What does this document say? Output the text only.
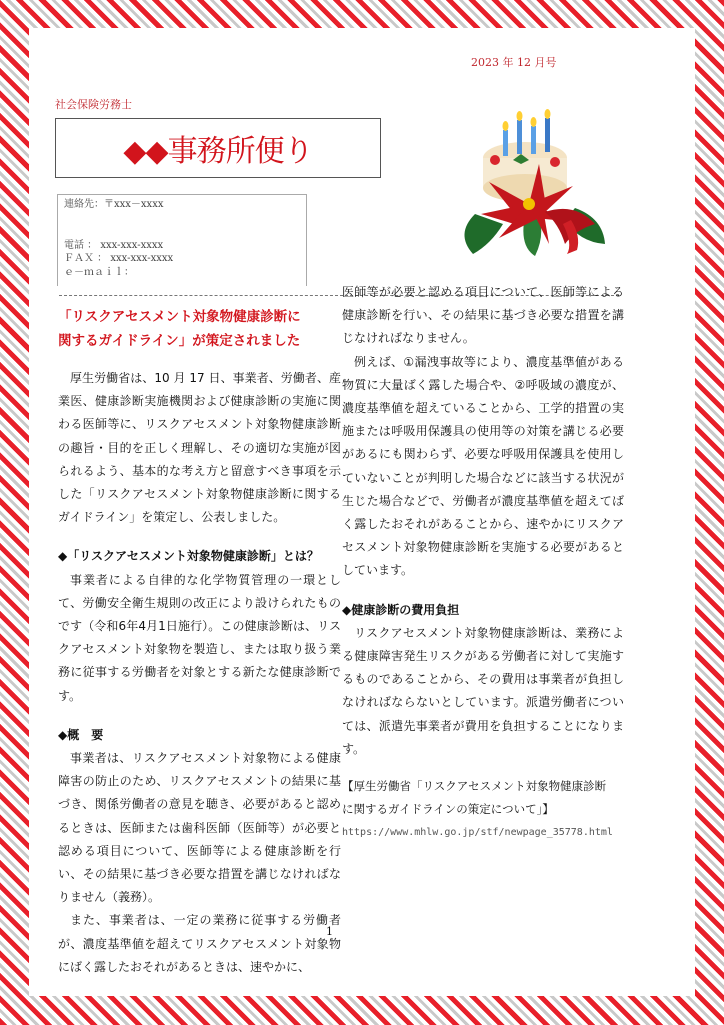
2023 年 12 月号
社会保険労務士
◆◆事務所便り
連絡先：〒xxx－xxxx
電話 ： xxx-xxx-xxxx
ＦＡＸ ： xxx-xxx-xxxx
ｅ－ｍａｉｌ：
「リスクアセスメント対象物健康診断に
関するガイドライン」が策定されました
厚生労働省は、10 月 17 日、事業者、労働者、産業医、健康診断実施機関および健康診断の実施に関わる医師等に、リスクアセスメント対象物健康診断の趣旨・目的を正しく理解し、その適切な実施が図られるよう、基本的な考え方と留意すべき事項を示した「リスクアセスメント対象物健康診断に関するガイドライン」を策定し、公表しました。
◆「リスクアセスメント対象物健康診断」とは？
事業者による自律的な化学物質管理の一環として、労働安全衛生規則の改正により設けられたものです（令和6年4月1日施行）。この健康診断は、リスクアセスメント対象物を製造し、または取り扱う業務に従事する労働者を対象とする新たな健康診断です。
◆概　要
事業者は、リスクアセスメント対象物による健康障害の防止のため、リスクアセスメントの結果に基づき、関係労働者の意見を聴き、必要があると認めるときは、医師または歯科医師（医師等）が必要と認める項目について、医師等による健康診断を行い、その結果に基づき必要な措置を講じなければなりません（義務）。
また、事業者は、一定の業務に従事する労働者が、濃度基準値を超えてリスクアセスメント対象物にばく露したおそれがあるときは、速やかに、
医師等が必要と認める項目について、医師等による健康診断を行い、その結果に基づき必要な措置を講じなければなりません。
例えば、①漏洩事故等により、濃度基準値がある物質に大量ばく露した場合や、②呼吸域の濃度が、濃度基準値を超えていることから、工学的措置の実施または呼吸用保護具の使用等の対策を講じる必要があるにも関わらず、必要な呼吸用保護具を使用していないことが判明した場合などに該当する状況が生じた場合などで、労働者が濃度基準値を超えてばく露したおそれがあることから、速やかにリスクアセスメント対象物健康診断を実施する必要があるとしています。
◆健康診断の費用負担
リスクアセスメント対象物健康診断は、業務による健康障害発生リスクがある労働者に対して実施するものであることから、その費用は事業者が負担しなければならないとしています。派遣労働者については、派遣先事業者が費用を負担することになります。
【厚生労働省「リスクアセスメント対象物健康診断
に関するガイドラインの策定について」】
https://www.mhlw.go.jp/stf/newpage_35778.html
1
